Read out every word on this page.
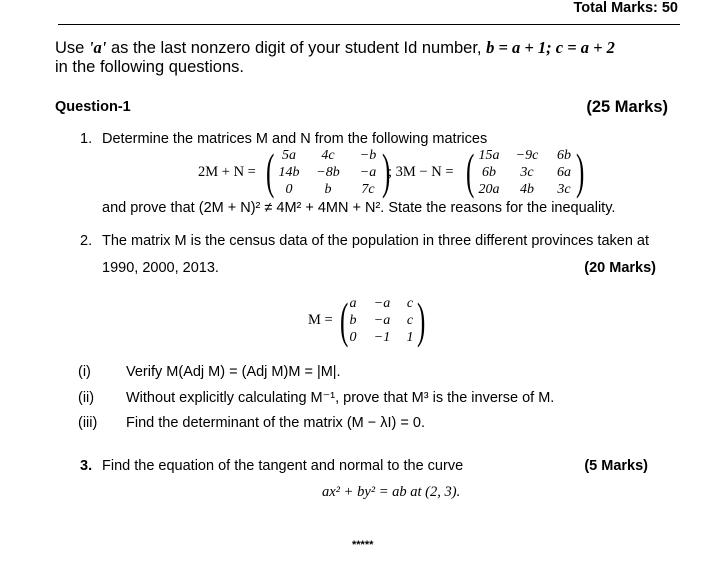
Total Marks: 50
Use 'a' as the last nonzero digit of your student Id number, b = a + 1; c = a + 2
in the following questions.
Question-1	(25 Marks)
1. Determine the matrices M and N from the following matrices
2M + N = ( 5a	4c	−b
14b	−8b	−a
0	b	7c )
; 3M − N = ( 15a	−9c	6b
6b	3c	6a
20a	4b	3c )
and prove that (2M + N)² ≠ 4M² + 4MN + N². State the reasons for the inequality.
2. The matrix M is the census data of the population in three different provinces taken at
1990, 2000, 2013.	(20 Marks)
M = ( a	−a	c
b	−a	c
0	−1	1 )
(i) Verify M(Adj M) = (Adj M)M = |M|.
(ii) Without explicitly calculating M⁻¹, prove that M³ is the inverse of M.
(iii) Find the determinant of the matrix (M − λI) = 0.
3. Find the equation of the tangent and normal to the curve	(5 Marks)
ax² + by² = ab at (2, 3).
*****
